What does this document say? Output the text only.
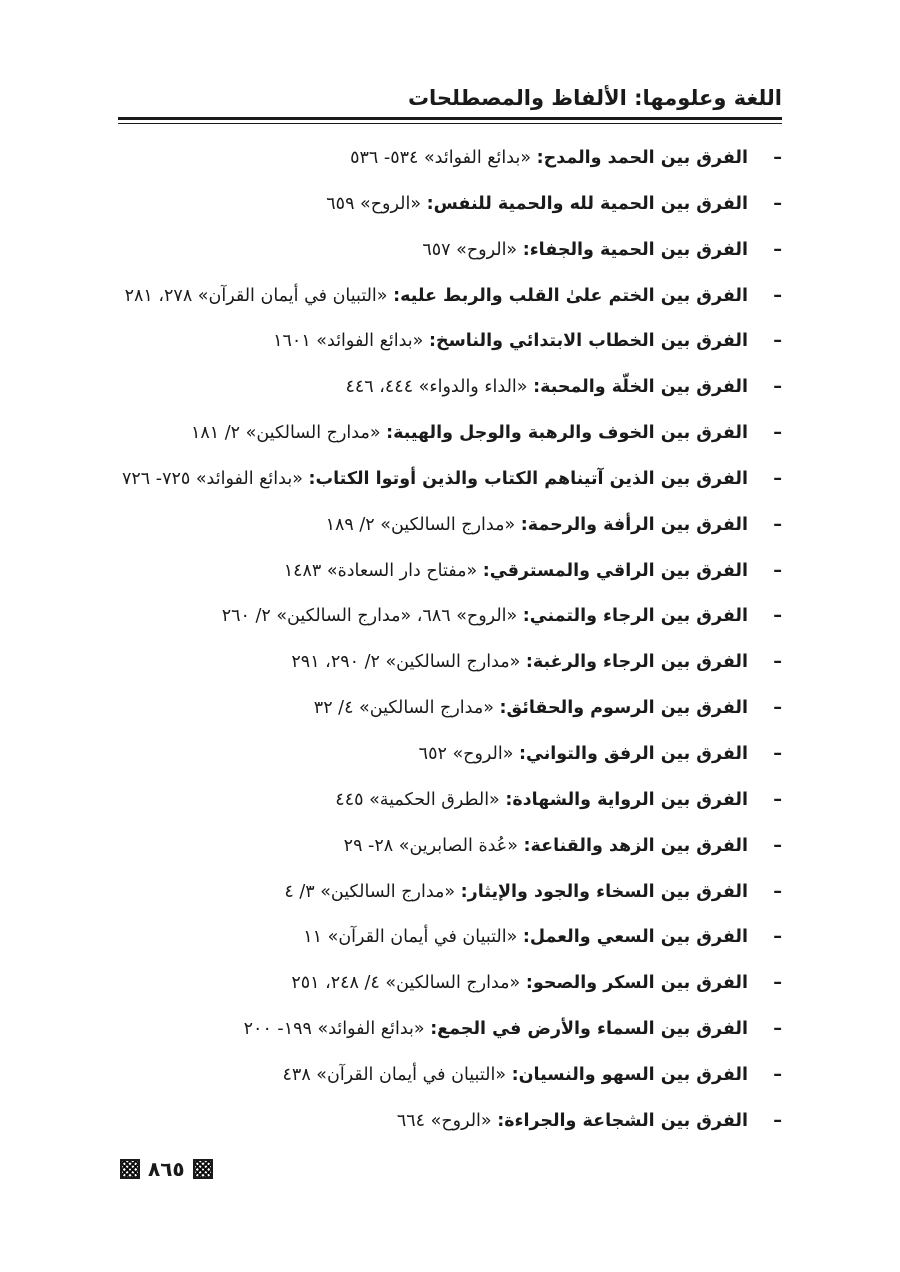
اللغة وعلومها: الألفاظ والمصطلحات
–الفرق بين الحمد والمدح: «بدائع الفوائد» ٥٣٤- ٥٣٦
–الفرق بين الحمية لله والحمية للنفس: «الروح» ٦٥٩
–الفرق بين الحمية والجفاء: «الروح» ٦٥٧
–الفرق بين الختم علىٰ القلب والربط عليه: «التبيان في أيمان القرآن» ٢٧٨، ٢٨١
–الفرق بين الخطاب الابتدائي والناسخ: «بدائع الفوائد» ١٦٠١
–الفرق بين الخلّة والمحبة: «الداء والدواء» ٤٤٤، ٤٤٦
–الفرق بين الخوف والرهبة والوجل والهيبة: «مدارج السالكين» ٢/ ١٨١
–الفرق بين الذين آتيناهم الكتاب والذين أوتوا الكتاب: «بدائع الفوائد» ٧٢٥- ٧٢٦
–الفرق بين الرأفة والرحمة: «مدارج السالكين» ٢/ ١٨٩
–الفرق بين الراقي والمسترقي: «مفتاح دار السعادة» ١٤٨٣
–الفرق بين الرجاء والتمني: «الروح» ٦٨٦، «مدارج السالكين» ٢/ ٢٦٠
–الفرق بين الرجاء والرغبة: «مدارج السالكين» ٢/ ٢٩٠، ٢٩١
–الفرق بين الرسوم والحقائق: «مدارج السالكين» ٤/ ٣٢
–الفرق بين الرفق والتواني: «الروح» ٦٥٢
–الفرق بين الرواية والشهادة: «الطرق الحكمية» ٤٤٥
–الفرق بين الزهد والقناعة: «عُدة الصابرين» ٢٨- ٢٩
–الفرق بين السخاء والجود والإيثار: «مدارج السالكين» ٣/ ٤
–الفرق بين السعي والعمل: «التبيان في أيمان القرآن» ١١
–الفرق بين السكر والصحو: «مدارج السالكين» ٤/ ٢٤٨، ٢٥١
–الفرق بين السماء والأرض في الجمع: «بدائع الفوائد» ١٩٩- ٢٠٠
–الفرق بين السهو والنسيان: «التبيان في أيمان القرآن» ٤٣٨
–الفرق بين الشجاعة والجراءة: «الروح» ٦٦٤
٨٦٥
